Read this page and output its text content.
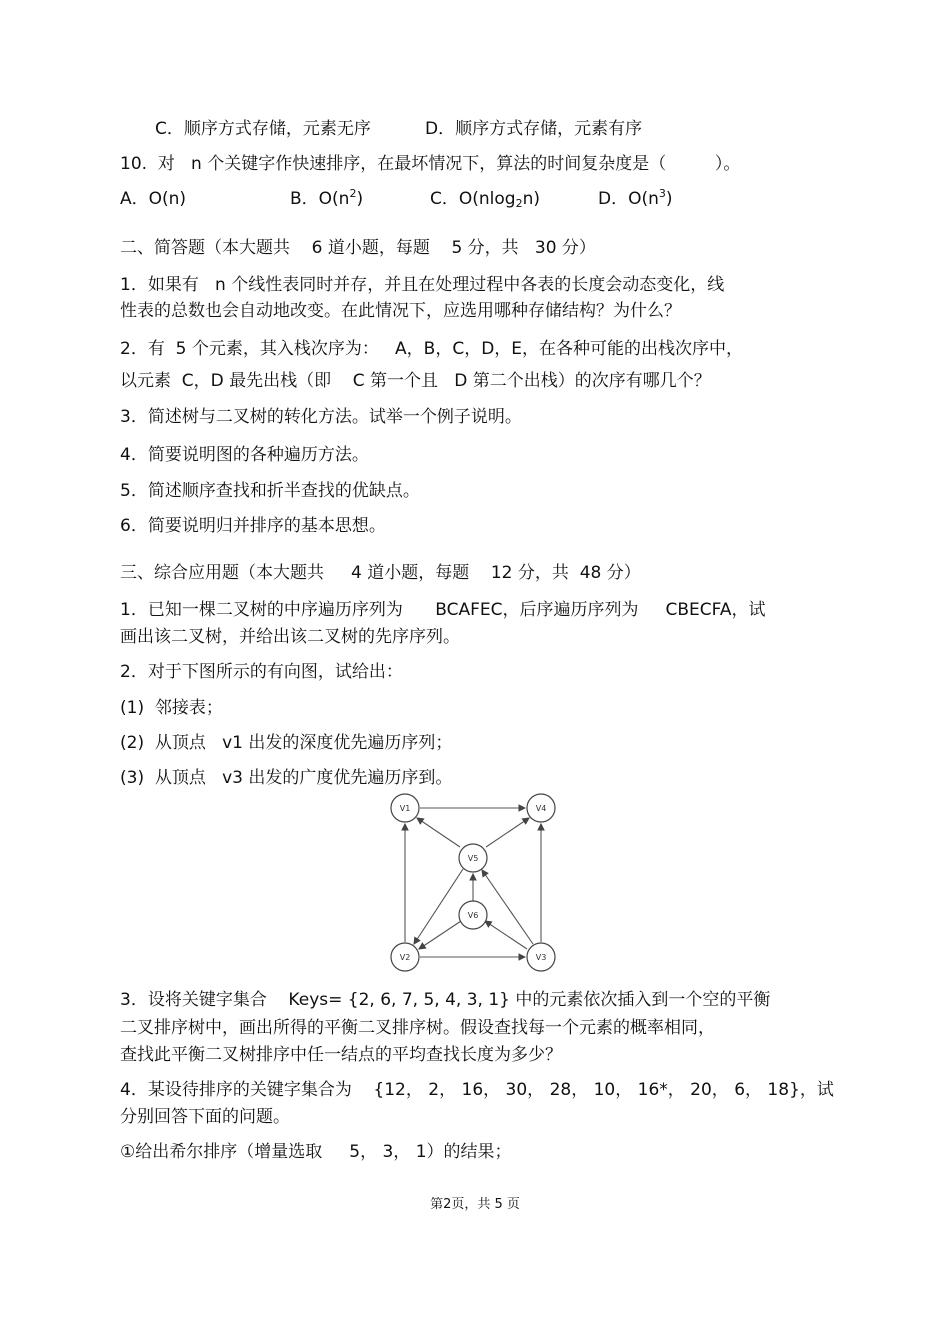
C．顺序方式存储，元素无序	D．顺序方式存储，元素有序
10.  对   n 个关键字作快速排序，在最坏情况下，算法的时间复杂度是（         ）。
A．O(n)	B．$O(n^2)$	C．O(nlog$_2$n)	D．$O(n^3)$
二、简答题（本大题共    6 道小题，每题    5 分，共   30 分）
1．如果有   n 个线性表同时并存，并且在处理过程中各表的长度会动态变化，线
性表的总数也会自动地改变。在此情况下，应选用哪种存储结构？为什么？
2．有  5 个元素，其入栈次序为：   A，B，C，D，E，在各种可能的出栈次序中，
以元素  C，D 最先出栈（即    C 第一个且   D 第二个出栈）的次序有哪几个？
3．简述树与二叉树的转化方法。试举一个例子说明。
4．简要说明图的各种遍历方法。
5．简述顺序查找和折半查找的优缺点。
6．简要说明归并排序的基本思想。
三、综合应用题（本大题共     4 道小题，每题    12 分，共  48 分）
1．已知一棵二叉树的中序遍历序列为      BCAFEC，后序遍历序列为     CBECFA，试
画出该二叉树，并给出该二叉树的先序序列。
2．对于下图所示的有向图，试给出：
(1)  邻接表；
(2)  从顶点   v1 出发的深度优先遍历序列；
(3)  从顶点   v3 出发的广度优先遍历序到。
V1	V4
V5
V6
V2	V3
3．设将关键字集合    Keys= {2, 6, 7, 5, 4, 3, 1} 中的元素依次插入到一个空的平衡
二叉排序树中，画出所得的平衡二叉排序树。假设查找每一个元素的概率相同，
查找此平衡二叉树排序中任一结点的平均查找长度为多少？
4．某设待排序的关键字集合为    {12， 2， 16， 30， 28， 10， 16*， 20， 6， 18}，试
分别回答下面的问题。
①给出希尔排序（增量选取     5， 3， 1）的结果；
第2页，共 5 页
